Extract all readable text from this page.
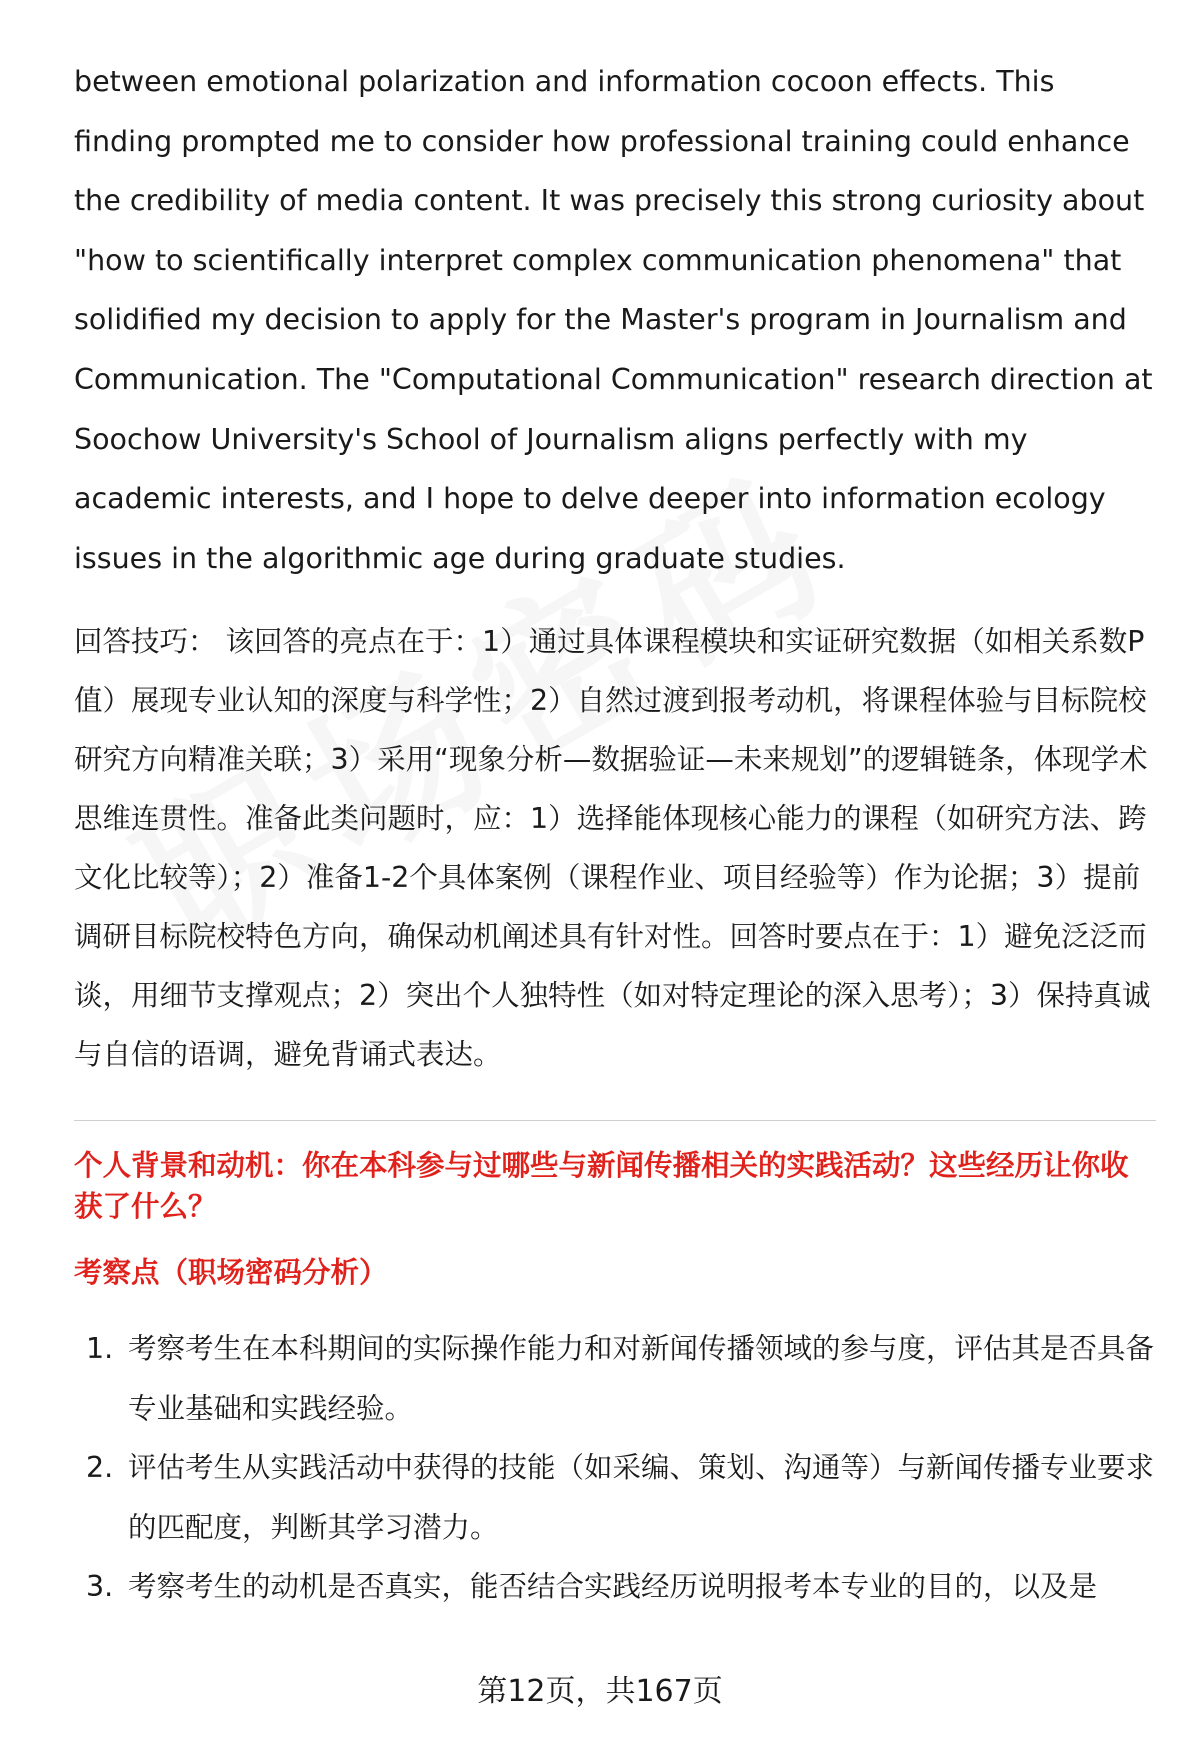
between emotional polarization and information cocoon effects. This finding prompted me to consider how professional training could enhance the credibility of media content. It was precisely this strong curiosity about "how to scientifically interpret complex communication phenomena" that solidified my decision to apply for the Master's program in Journalism and Communication. The "Computational Communication" research direction at Soochow University's School of Journalism aligns perfectly with my academic interests, and I hope to delve deeper into information ecology issues in the algorithmic age during graduate studies.

回答技巧： 该回答的亮点在于：1）通过具体课程模块和实证研究数据（如相关系数P值）展现专业认知的深度与科学性；2）自然过渡到报考动机，将课程体验与目标院校研究方向精准关联；3）采用“现象分析—数据验证—未来规划”的逻辑链条，体现学术思维连贯性。准备此类问题时，应：1）选择能体现核心能力的课程（如研究方法、跨文化比较等）；2）准备1-2个具体案例（课程作业、项目经验等）作为论据；3）提前调研目标院校特色方向，确保动机阐述具有针对性。回答时要点在于：1）避免泛泛而谈，用细节支撑观点；2）突出个人独特性（如对特定理论的深入思考）；3）保持真诚与自信的语调，避免背诵式表达。

个人背景和动机：你在本科参与过哪些与新闻传播相关的实践活动？这些经历让你收获了什么？
考察点（职场密码分析）
1. 考察考生在本科期间的实际操作能力和对新闻传播领域的参与度，评估其是否具备专业基础和实践经验。
2. 评估考生从实践活动中获得的技能（如采编、策划、沟通等）与新闻传播专业要求的匹配度，判断其学习潜力。
3. 考察考生的动机是否真实，能否结合实践经历说明报考本专业的目的，以及是
第12页，共167页
